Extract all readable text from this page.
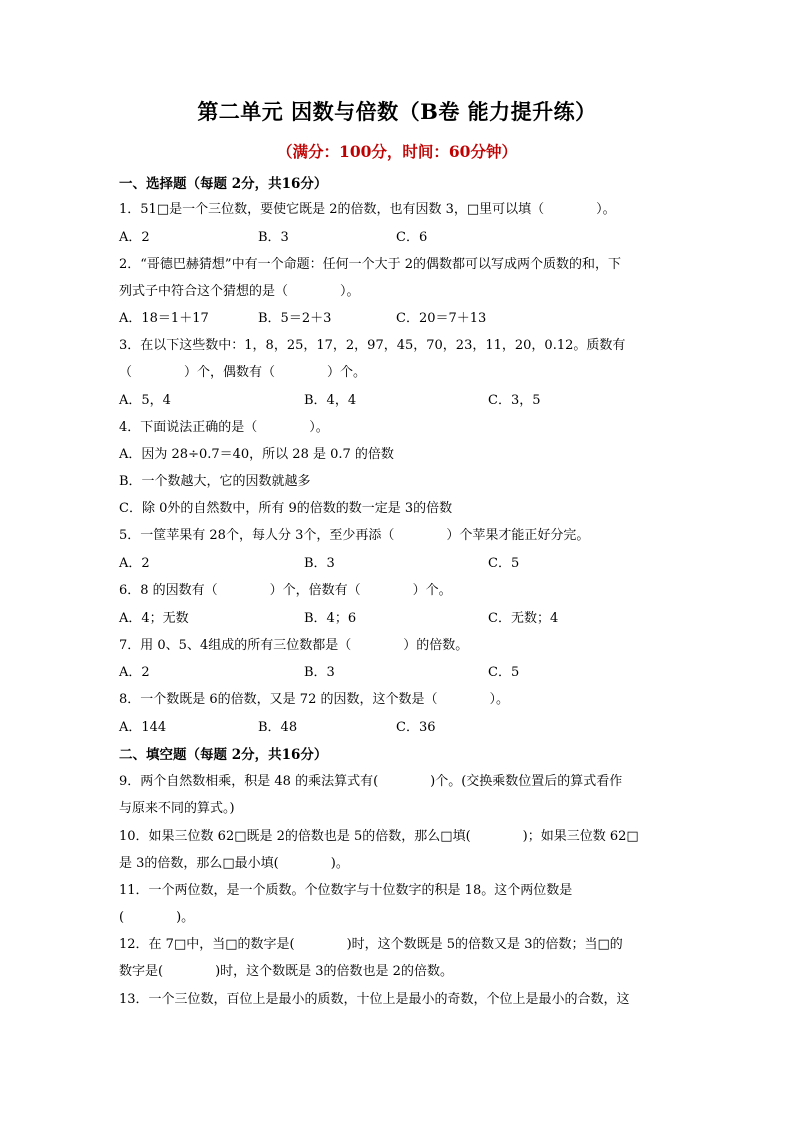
第二单元 因数与倍数（B卷 能力提升练）
（满分：100分，时间：60分钟）
一、选择题（每题 2分，共16分）
1．51□是一个三位数，要使它既是 2的倍数，也有因数 3，□里可以填（　　　　）。
A．2	B．3	C．6
2．“哥德巴赫猜想”中有一个命题：任何一个大于 2的偶数都可以写成两个质数的和，下
列式子中符合这个猜想的是（　　　　）。
A．18＝1＋17	B．5＝2＋3	C．20＝7＋13
3．在以下这些数中：1，8，25，17，2，97，45，70，23，11，20，0.12。质数有
（　　　　）个，偶数有（　　　　）个。
A．5，4	B．4，4	C．3，5
4．下面说法正确的是（　　　　）。
A．因为 28÷0.7＝40，所以 28 是 0.7 的倍数
B．一个数越大，它的因数就越多
C．除 0外的自然数中，所有 9的倍数的数一定是 3的倍数
5．一筐苹果有 28个，每人分 3个，至少再添（　　　　）个苹果才能正好分完。
A．2	B．3	C．5
6．8 的因数有（　　　　）个，倍数有（　　　　）个。
A．4；无数	B．4；6	C．无数；4
7．用 0、5、4组成的所有三位数都是（　　　　）的倍数。
A．2	B．3	C．5
8．一个数既是 6的倍数，又是 72 的因数，这个数是（　　　　）。
A．144	B．48	C．36
二、填空题（每题 2分，共16分）
9．两个自然数相乘，积是 48 的乘法算式有(　　　　)个。(交换乘数位置后的算式看作
与原来不同的算式。)
10．如果三位数 62□既是 2的倍数也是 5的倍数，那么□填(　　　　)；如果三位数 62□
是 3的倍数，那么□最小填(　　　　)。
11．一个两位数，是一个质数。个位数字与十位数字的积是 18。这个两位数是
(　　　　)。
12．在 7□中，当□的数字是(　　　　)时，这个数既是 5的倍数又是 3的倍数；当□的
数字是(　　　　)时，这个数既是 3的倍数也是 2的倍数。
13．一个三位数，百位上是最小的质数，十位上是最小的奇数，个位上是最小的合数，这
